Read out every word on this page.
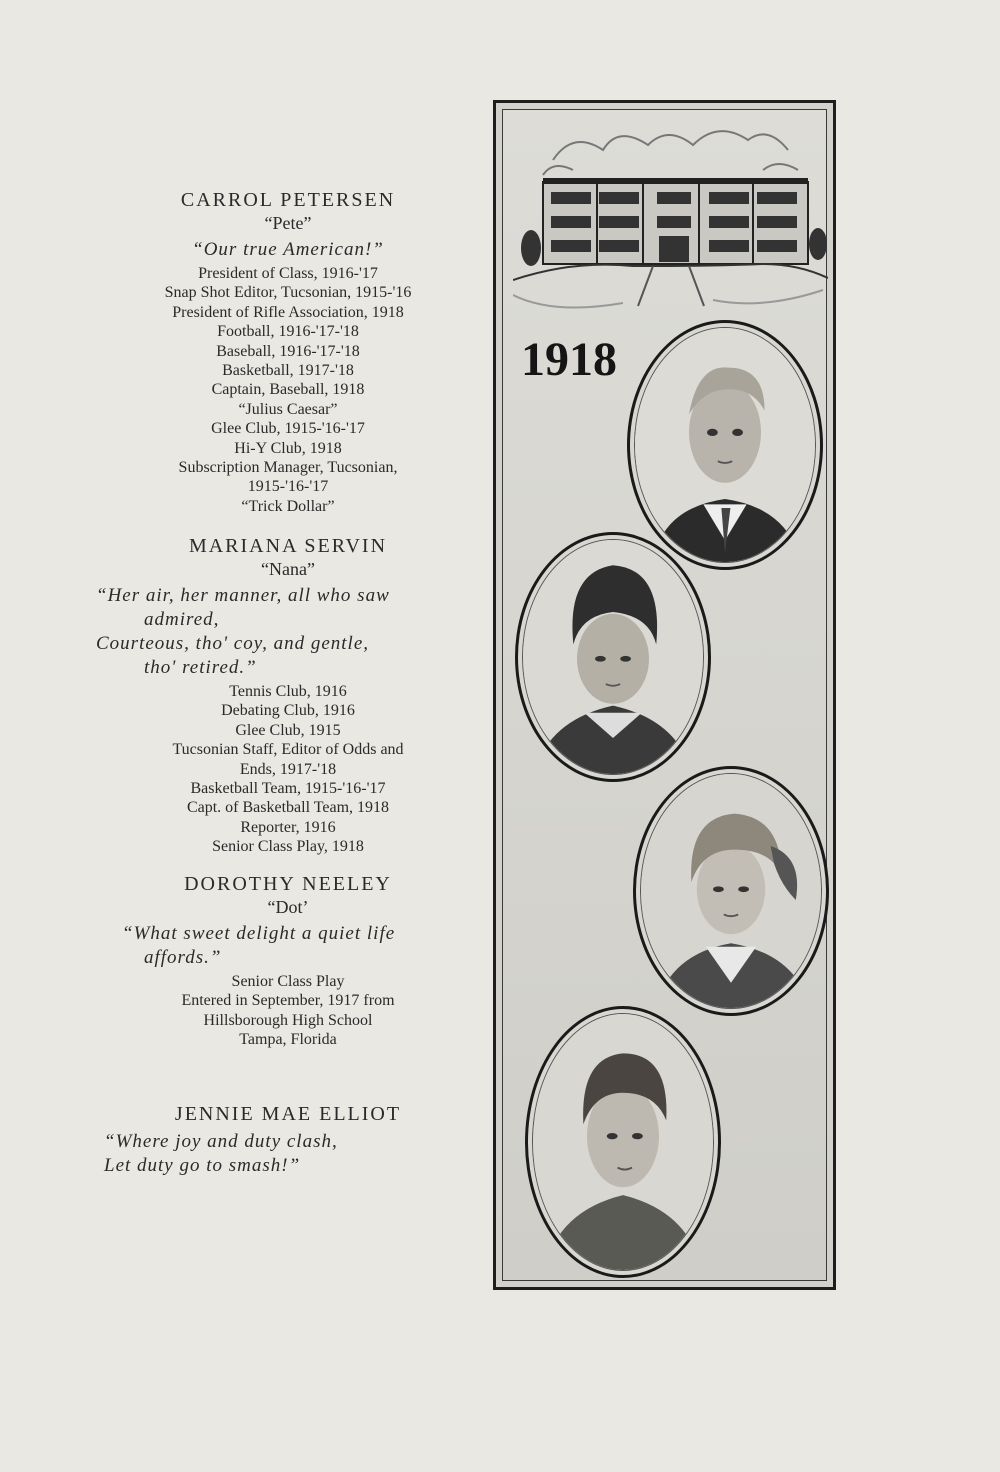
CARROL PETERSEN

“Pete”

“Our true American!”

President of Class, 1916-'17

Snap Shot Editor, Tucsonian, 1915-'16

President of Rifle Association, 1918

Football, 1916-'17-'18

Baseball, 1916-'17-'18

Basketball, 1917-'18

Captain, Baseball, 1918

“Julius Caesar”

Glee Club, 1915-'16-'17

Hi-Y Club, 1918

Subscription Manager, Tucsonian,

1915-'16-'17

“Trick Dollar”

MARIANA SERVIN

“Nana”

“Her air, her manner, all who saw
admired,
Courteous, tho' coy, and gentle,
tho' retired.”

Tennis Club, 1916

Debating Club, 1916

Glee Club, 1915

Tucsonian Staff, Editor of Odds and

Ends, 1917-'18

Basketball Team, 1915-'16-'17

Capt. of Basketball Team, 1918

Reporter, 1916

Senior Class Play, 1918

DOROTHY NEELEY

“Dot’

“What sweet delight a quiet life
affords.”

Senior Class Play

Entered in September, 1917 from

Hillsborough High School

Tampa, Florida

JENNIE MAE ELLIOT

“Where joy and duty clash,
Let duty go to smash!”

1918
